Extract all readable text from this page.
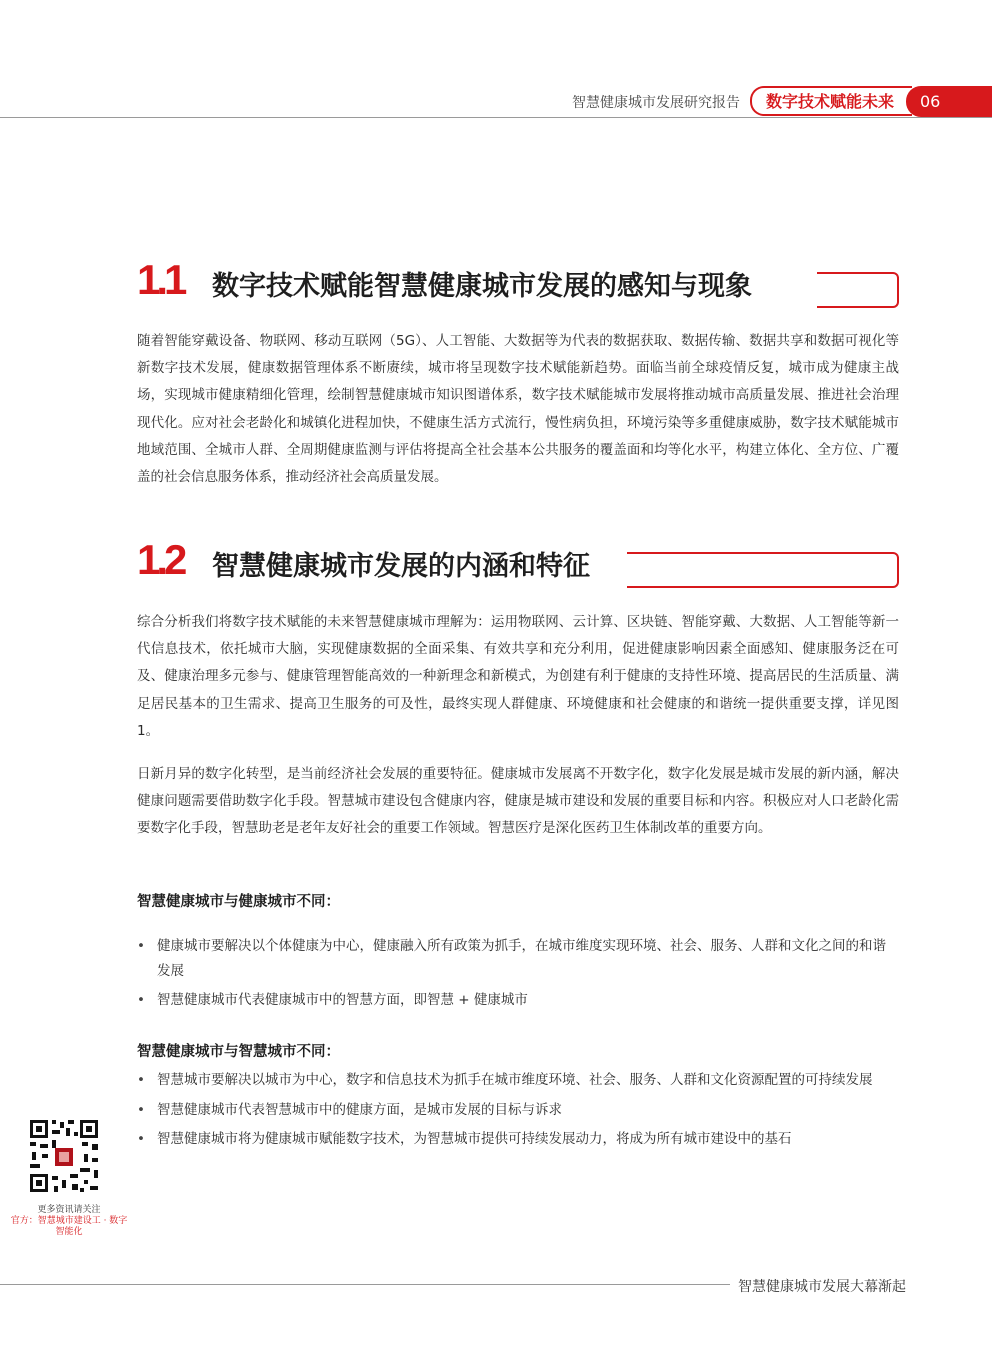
智慧健康城市发展研究报告	数字技术赋能未来	06
1.1 数字技术赋能智慧健康城市发展的感知与现象

随着智能穿戴设备、物联网、移动互联网（5G）、人工智能、大数据等为代表的数据获取、数据传输、数据共享和数据可视化等新数字技术发展，健康数据管理体系不断赓续，城市将呈现数字技术赋能新趋势。面临当前全球疫情反复，城市成为健康主战场，实现城市健康精细化管理，绘制智慧健康城市知识图谱体系，数字技术赋能城市发展将推动城市高质量发展、推进社会治理现代化。应对社会老龄化和城镇化进程加快，不健康生活方式流行，慢性病负担，环境污染等多重健康威胁，数字技术赋能城市地域范围、全城市人群、全周期健康监测与评估将提高全社会基本公共服务的覆盖面和均等化水平，构建立体化、全方位、广覆盖的社会信息服务体系，推动经济社会高质量发展。

1.2 智慧健康城市发展的内涵和特征

综合分析我们将数字技术赋能的未来智慧健康城市理解为：运用物联网、云计算、区块链、智能穿戴、大数据、人工智能等新一代信息技术，依托城市大脑，实现健康数据的全面采集、有效共享和充分利用，促进健康影响因素全面感知、健康服务泛在可及、健康治理多元参与、健康管理智能高效的一种新理念和新模式，为创建有利于健康的支持性环境、提高居民的生活质量、满足居民基本的卫生需求、提高卫生服务的可及性，最终实现人群健康、环境健康和社会健康的和谐统一提供重要支撑，详见图 1。

日新月异的数字化转型，是当前经济社会发展的重要特征。健康城市发展离不开数字化，数字化发展是城市发展的新内涵，解决健康问题需要借助数字化手段。智慧城市建设包含健康内容，健康是城市建设和发展的重要目标和内容。积极应对人口老龄化需要数字化手段，智慧助老是老年友好社会的重要工作领域。智慧医疗是深化医药卫生体制改革的重要方向。

智慧健康城市与健康城市不同：
• 健康城市要解决以个体健康为中心，健康融入所有政策为抓手，在城市维度实现环境、社会、服务、人群和文化之间的和谐发展
• 智慧健康城市代表健康城市中的智慧方面，即智慧 + 健康城市
智慧健康城市与智慧城市不同：
• 智慧城市要解决以城市为中心，数字和信息技术为抓手在城市维度环境、社会、服务、人群和文化资源配置的可持续发展
• 智慧健康城市代表智慧城市中的健康方面，是城市发展的目标与诉求
• 智慧健康城市将为健康城市赋能数字技术，为智慧城市提供可持续发展动力，将成为所有城市建设中的基石
更多资讯请关注
官方：智慧城市建设工 · 数字智能化
智慧健康城市发展大幕渐起
